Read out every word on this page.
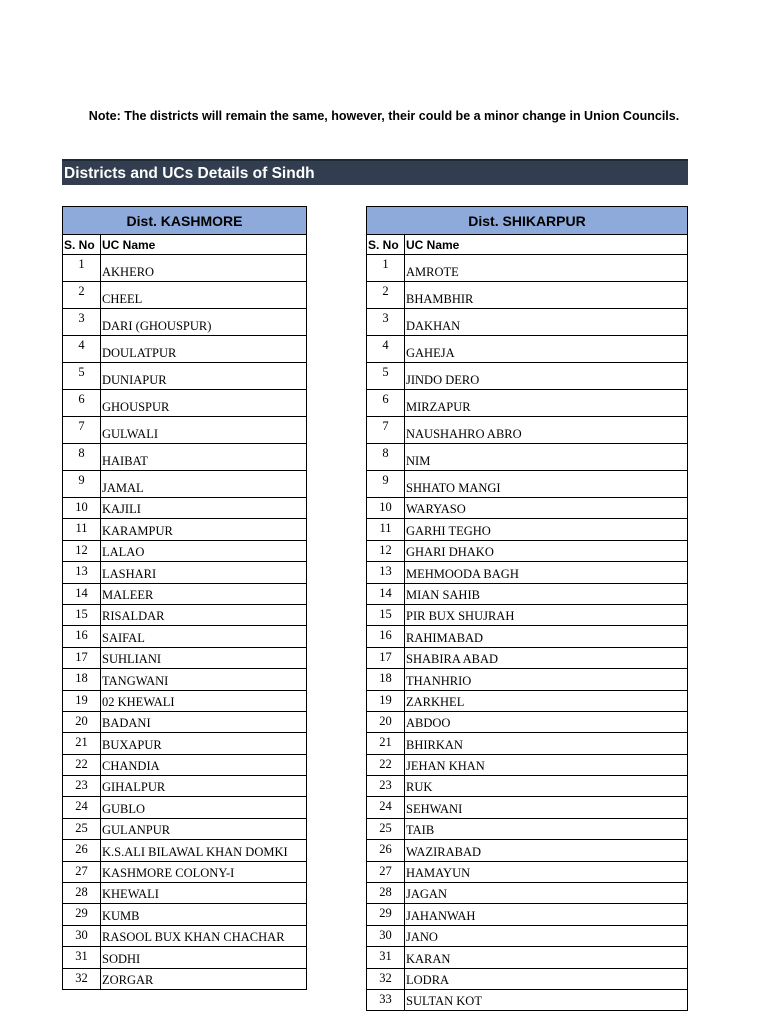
Note: The districts will remain the same, however, their could be a minor change in Union Councils.
Districts and UCs Details of Sindh
Dist. KASHMORE	
S. No	UC Name
1	AKHERO
2	CHEEL
3	DARI (GHOUSPUR)
4	DOULATPUR
5	DUNIAPUR
6	GHOUSPUR
7	GULWALI
8	HAIBAT
9	JAMAL
10	KAJILI
11	KARAMPUR
12	LALAO
13	LASHARI
14	MALEER
15	RISALDAR
16	SAIFAL
17	SUHLIANI
18	TANGWANI
19	02 KHEWALI
20	BADANI
21	BUXAPUR
22	CHANDIA
23	GIHALPUR
24	GUBLO
25	GULANPUR
26	K.S.ALI BILAWAL KHAN DOMKI
27	KASHMORE COLONY-I
28	KHEWALI
29	KUMB
30	RASOOL BUX KHAN CHACHAR
31	SODHI
32	ZORGAR
Dist. SHIKARPUR	
S. No	UC Name
1	AMROTE
2	BHAMBHIR
3	DAKHAN
4	GAHEJA
5	JINDO DERO
6	MIRZAPUR
7	NAUSHAHRO ABRO
8	NIM
9	SHHATO MANGI
10	WARYASO
11	GARHI TEGHO
12	GHARI DHAKO
13	MEHMOODA BAGH
14	MIAN SAHIB
15	PIR BUX SHUJRAH
16	RAHIMABAD
17	SHABIRA ABAD
18	THANHRIO
19	ZARKHEL
20	ABDOO
21	BHIRKAN
22	JEHAN KHAN
23	RUK
24	SEHWANI
25	TAIB
26	WAZIRABAD
27	HAMAYUN
28	JAGAN
29	JAHANWAH
30	JANO
31	KARAN
32	LODRA
33	SULTAN KOT
